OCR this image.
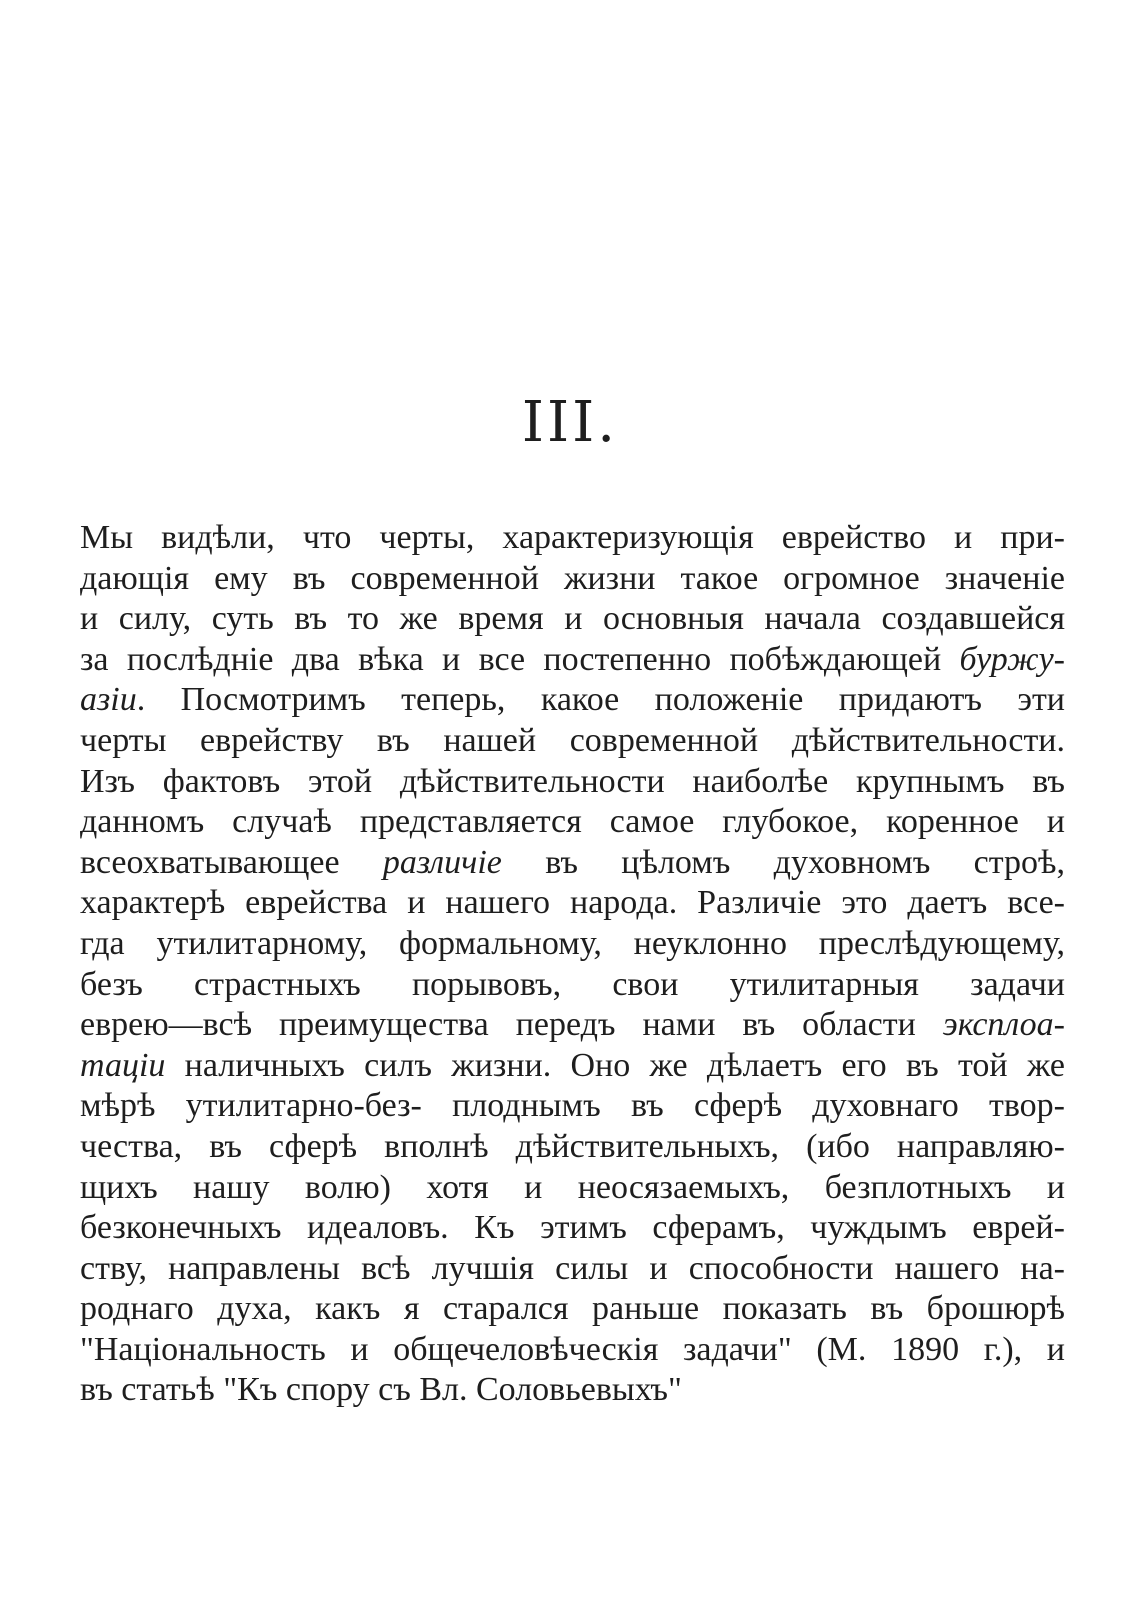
III.
Мы видѣли, что черты, характеризующія еврейство и при-
дающія ему въ современной жизни такое огромное значеніе
и силу, суть въ то же время и основныя начала создавшейся
за послѣдніе два вѣка и все постепенно побѣждающей буржу-
азіи. Посмотримъ теперь, какое положеніе придаютъ эти
черты еврейству въ нашей современной дѣйствительности.
Изъ фактовъ этой дѣйствительности наиболѣе крупнымъ въ
данномъ случаѣ представляется самое глубокое, коренное и
всеохватывающее различіе въ цѣломъ духовномъ строѣ,
характерѣ еврейства и нашего народа. Различіе это даетъ все-
гда утилитарному, формальному, неуклонно преслѣдующему,
безъ страстныхъ порывовъ, свои утилитарныя задачи
еврею—всѣ преимущества передъ нами въ области эксплоа-
таціи наличныхъ силъ жизни. Оно же дѣлаетъ его въ той же
мѣрѣ утилитарно-без- плоднымъ въ сферѣ духовнаго твор-
чества, въ сферѣ вполнѣ дѣйствительныхъ, (ибо направляю-
щихъ нашу волю) хотя и неосязаемыхъ, безплотныхъ и
безконечныхъ идеаловъ. Къ этимъ сферамъ, чуждымъ еврей-
ству, направлены всѣ лучшія силы и способности нашего на-
роднаго духа, какъ я старался раньше показать въ брошюрѣ
"Національность и общечеловѣческія задачи" (М. 1890 г.), и
въ статьѣ "Къ спору съ Вл. Соловьевыхъ"
